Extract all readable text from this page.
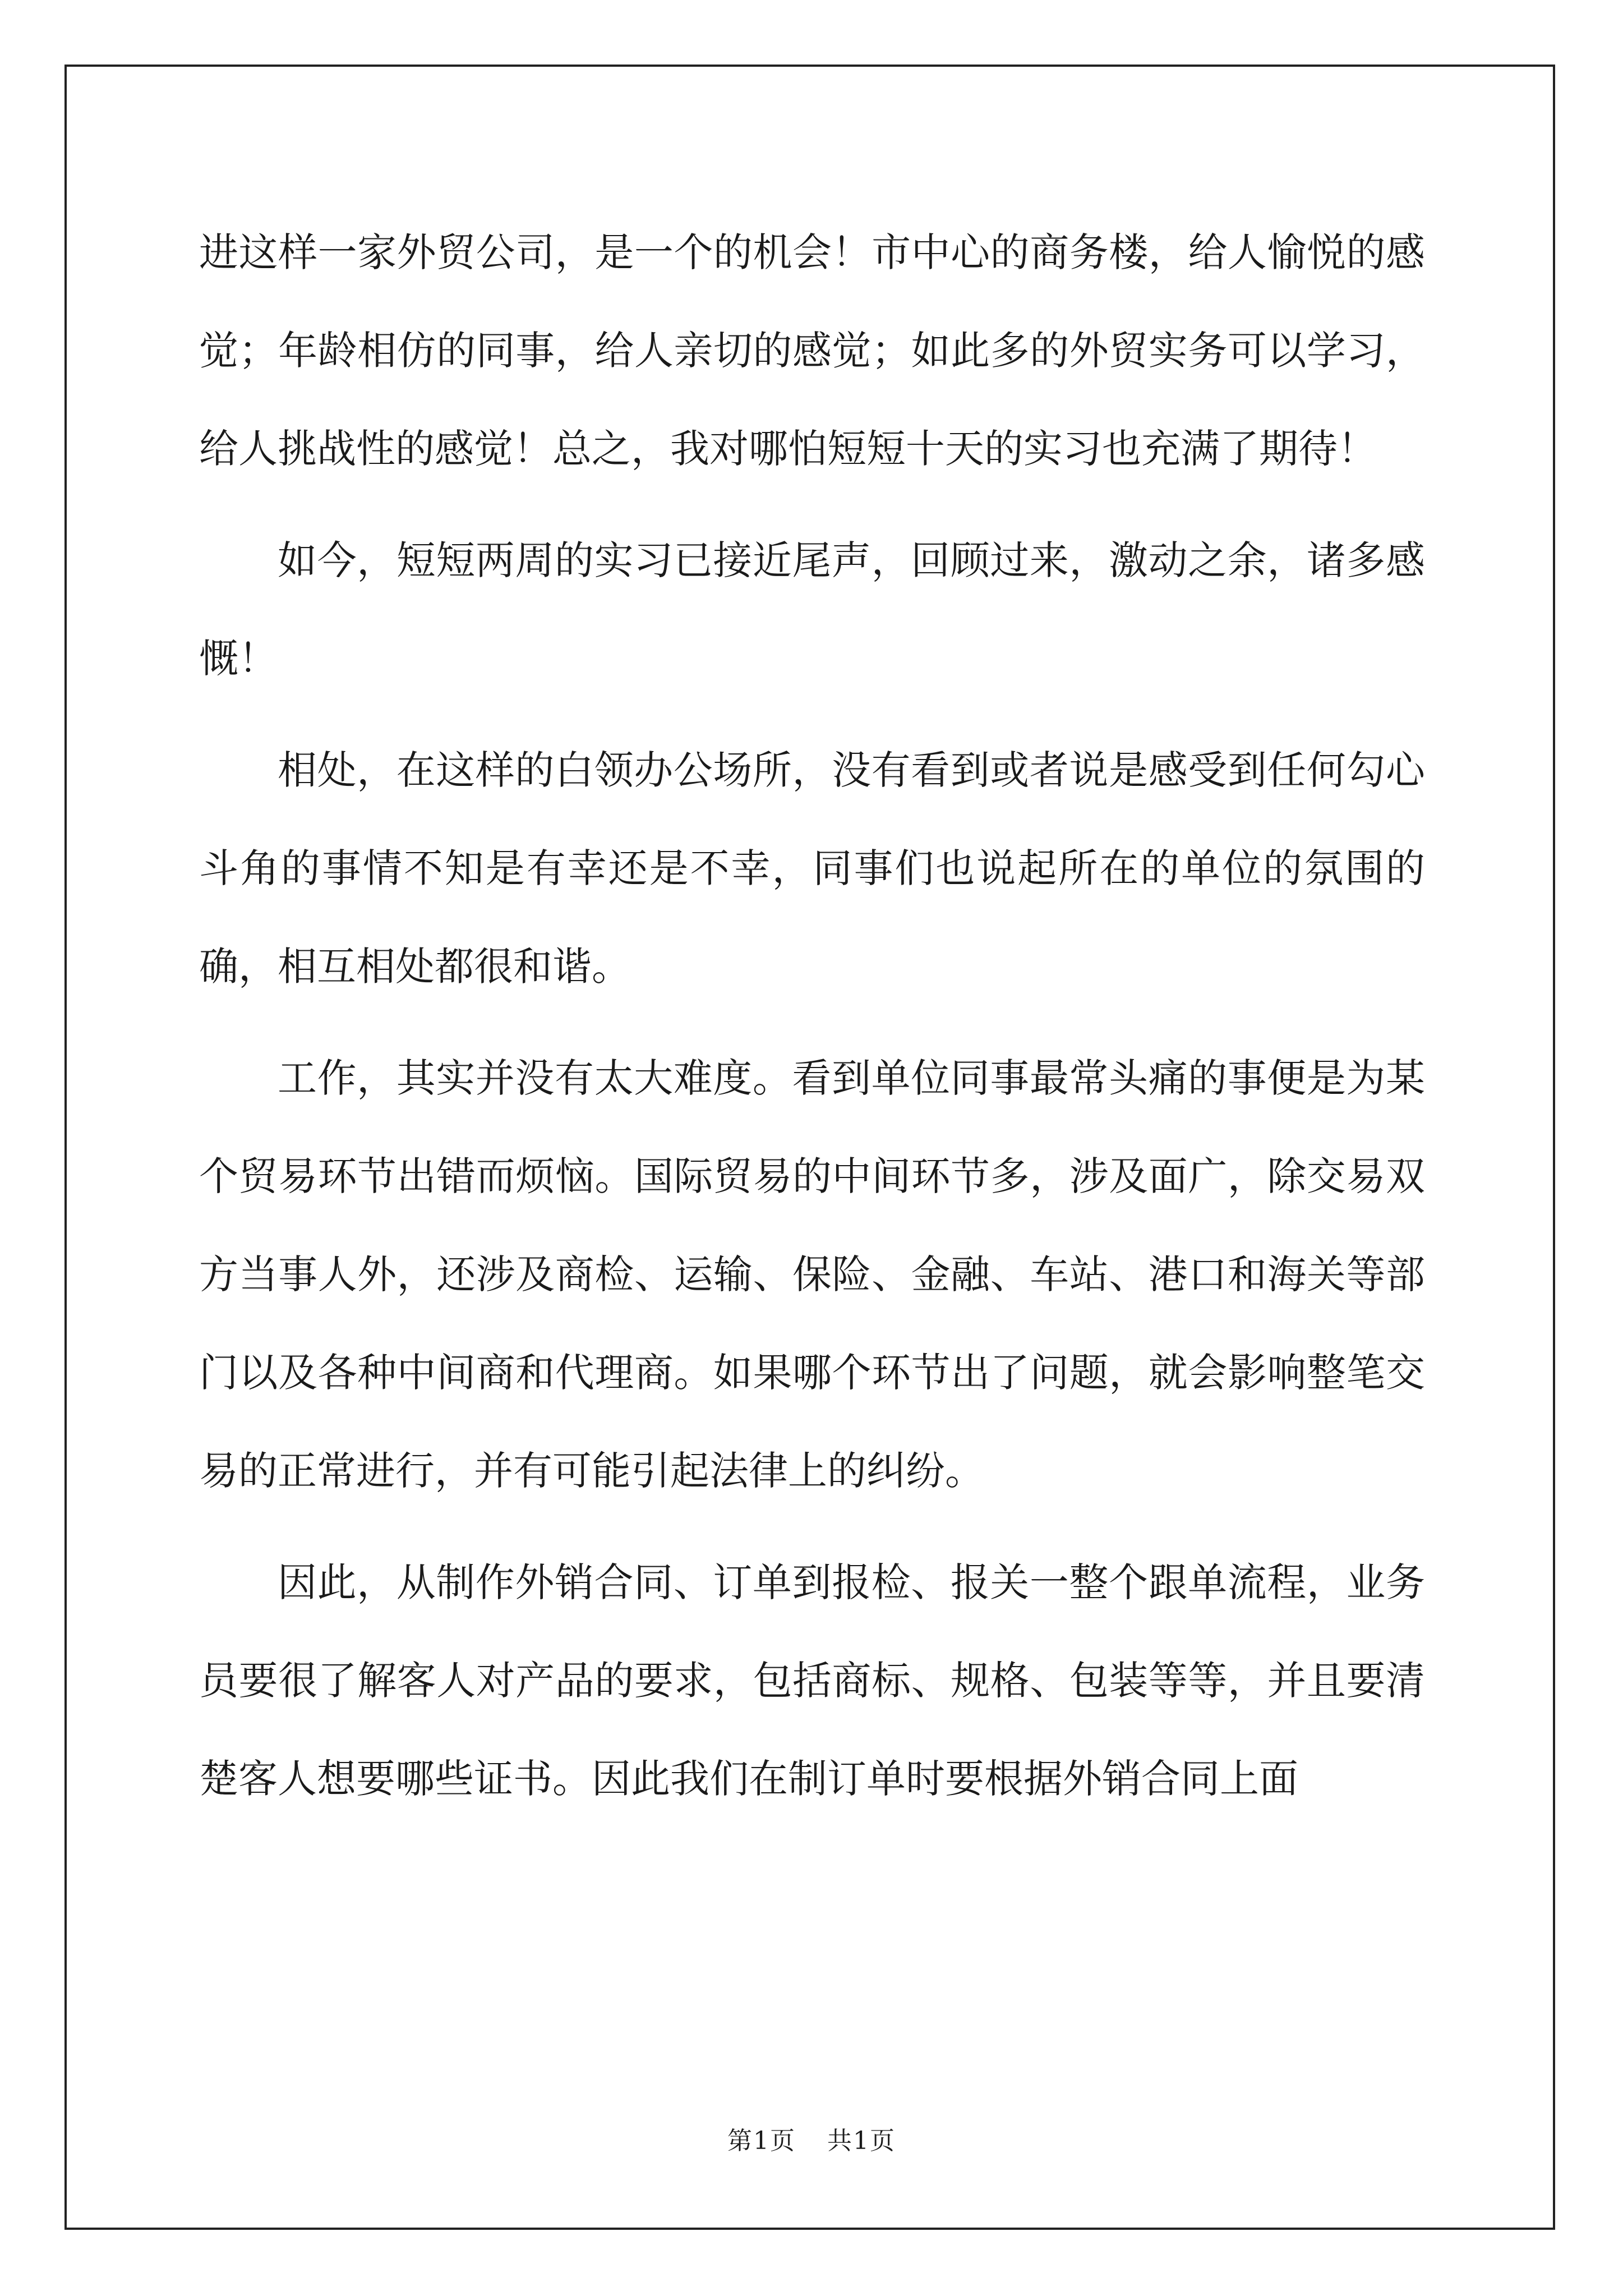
进这样一家外贸公司，是一个的机会！市中心的商务楼，给人愉悦的感觉；年龄相仿的同事，给人亲切的感觉；如此多的外贸实务可以学习，给人挑战性的感觉！总之，我对哪怕短短十天的实习也充满了期待！

如今，短短两周的实习已接近尾声，回顾过来，激动之余，诸多感慨！

相处，在这样的白领办公场所，没有看到或者说是感受到任何勾心斗角的事情不知是有幸还是不幸，同事们也说起所在的单位的氛围的确，相互相处都很和谐。

工作，其实并没有太大难度。看到单位同事最常头痛的事便是为某个贸易环节出错而烦恼。国际贸易的中间环节多，涉及面广，除交易双方当事人外，还涉及商检、运输、保险、金融、车站、港口和海关等部门以及各种中间商和代理商。如果哪个环节出了问题，就会影响整笔交易的正常进行，并有可能引起法律上的纠纷。

因此，从制作外销合同、订单到报检、报关一整个跟单流程，业务员要很了解客人对产品的要求，包括商标、规格、包装等等，并且要清楚客人想要哪些证书。因此我们在制订单时要根据外销合同上面

第1页 共1页
